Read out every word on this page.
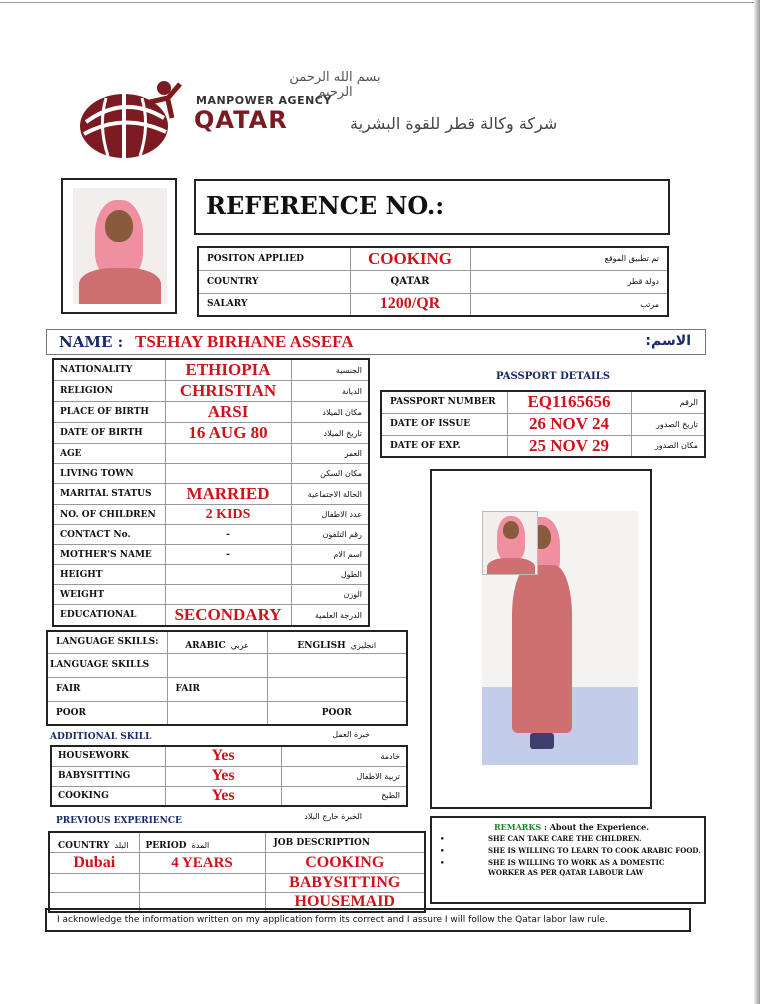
بسم الله الرحمن الرحيم
MANPOWER AGENCY
QATAR	شركة وكالة قطر للقوة البشرية
REFERENCE NO.:
POSITON APPLIED	COOKING	تم تطبيق الموقع
COUNTRY	QATAR	دولة قطر
SALARY	1200/QR	مرتب
NAME : TSEHAY BIRHANE ASSEFA	الاسم:
NATIONALITY	ETHIOPIA	الجنسية
RELIGION	CHRISTIAN	الديانة
PLACE OF BIRTH	ARSI	مكان الميلاد
DATE OF BIRTH	16 AUG 80	تاريخ الميلاد
AGE		العمر
LIVING TOWN		مكان السكن
MARITAL STATUS	MARRIED	الحالة الاجتماعية
NO. OF CHILDREN	2 KIDS	عدد الاطفال
CONTACT No.	-	رقم التلفون
MOTHER'S NAME	-	اسم الام
HEIGHT		الطول
WEIGHT		الوزن
EDUCATIONAL	SECONDARY	الدرجة العلمية
PASSPORT DETAILS
PASSPORT NUMBER	EQ1165656	الرقم
DATE OF ISSUE	26 NOV 24	تاريخ الصدور
DATE OF EXP.	25 NOV 29	مكان الصدور
LANGUAGE SKILLS:	ARABIC عربي	ENGLISH انجليزي
LANGUAGE SKILLS		
FAIR	FAIR	
POOR		POOR
ADDITIONAL SKILL	خبرة العمل
HOUSEWORK	Yes	خادمة
BABYSITTING	Yes	تربية الاطفال
COOKING	Yes	الطبخ
PREVIOUS EXPERIENCE	الخبرة خارج البلاد
COUNTRY البلد	PERIOD المدة	JOB DESCRIPTION
Dubai	4 YEARS	COOKING
		BABYSITTING
		HOUSEMAID
REMARKS : About the Experience.
•	SHE CAN TAKE CARE THE CHILDREN.
•	SHE IS WILLING TO LEARN TO COOK ARABIC FOOD.
•	SHE IS WILLING TO WORK AS A DOMESTIC WORKER AS PER QATAR LABOUR LAW
I acknowledge the information written on my application form its correct and I assure I will follow the Qatar labor law rule.
